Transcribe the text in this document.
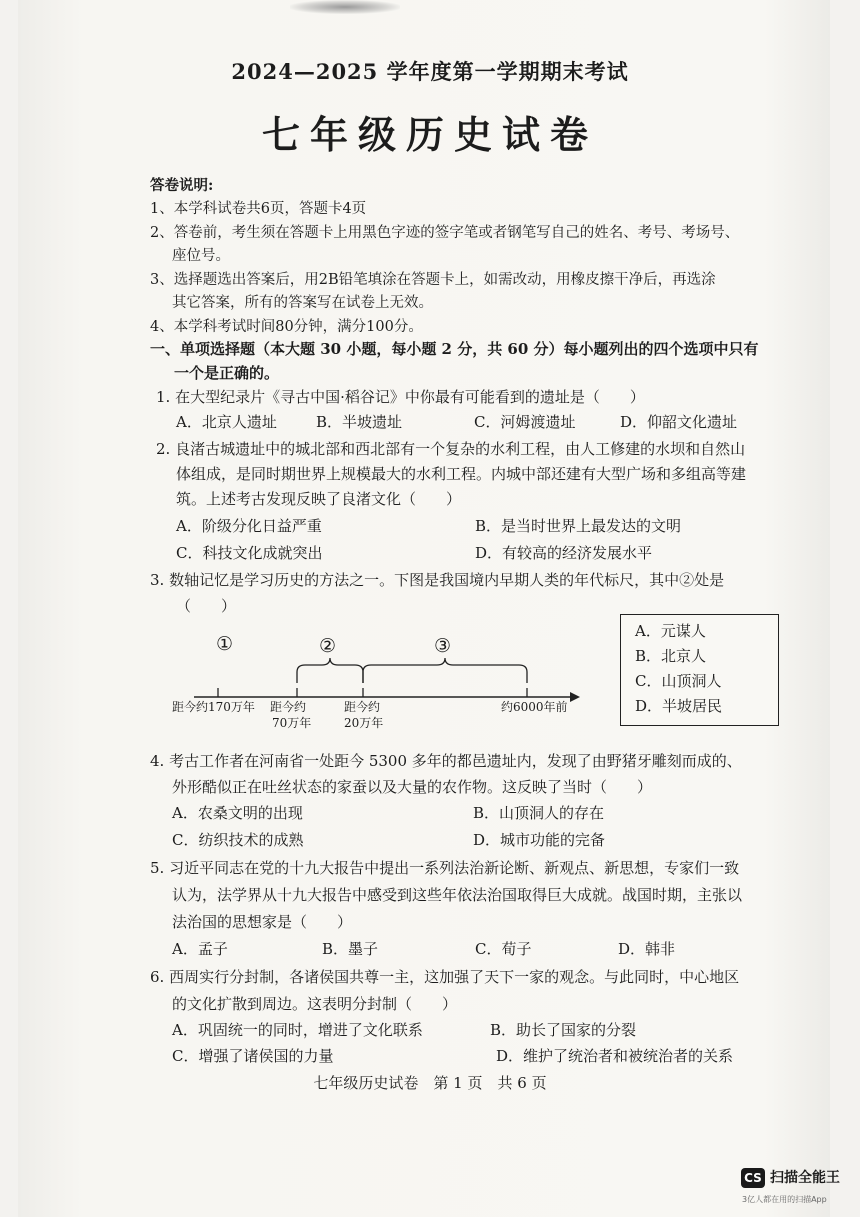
2024—2025 学年度第一学期期末考试
七年级历史试卷
答卷说明:
1、本学科试卷共6页，答题卡4页
2、答卷前，考生须在答题卡上用黑色字迹的签字笔或者钢笔写自己的姓名、考号、考场号、
座位号。
3、选择题选出答案后，用2B铅笔填涂在答题卡上，如需改动，用橡皮擦干净后，再选涂
其它答案，所有的答案写在试卷上无效。
4、本学科考试时间80分钟，满分100分。
一、单项选择题（本大题 30 小题，每小题 2 分，共 60 分）每小题列出的四个选项中只有
一个是正确的。
1. 在大型纪录片《寻古中国·稻谷记》中你最有可能看到的遗址是（　　）
A．北京人遗址	B．半坡遗址	C．河姆渡遗址	D．仰韶文化遗址
2. 良渚古城遗址中的城北部和西北部有一个复杂的水利工程，由人工修建的水坝和自然山
体组成，是同时期世界上规模最大的水利工程。内城中部还建有大型广场和多组高等建
筑。上述考古发现反映了良渚文化（　　）
A．阶级分化日益严重	B．是当时世界上最发达的文明
C．科技文化成就突出	D．有较高的经济发展水平
3. 数轴记忆是学习历史的方法之一。下图是我国境内早期人类的年代标尺，其中②处是
（　　）
①	②	③
距今约170万年 距今约
70万年
距今约
20万年
约6000年前
A．元谋人
B．北京人
C．山顶洞人
D．半坡居民
4. 考古工作者在河南省一处距今 5300 多年的都邑遗址内，发现了由野猪牙雕刻而成的、
外形酷似正在吐丝状态的家蚕以及大量的农作物。这反映了当时（　　）
A．农桑文明的出现	B．山顶洞人的存在
C．纺织技术的成熟	D．城市功能的完备
5. 习近平同志在党的十九大报告中提出一系列法治新论断、新观点、新思想，专家们一致
认为，法学界从十九大报告中感受到这些年依法治国取得巨大成就。战国时期，主张以
法治国的思想家是（　　）
A．孟子	B．墨子	C．荀子	D．韩非
6. 西周实行分封制，各诸侯国共尊一主，这加强了天下一家的观念。与此同时，中心地区
的文化扩散到周边。这表明分封制（　　）
A．巩固统一的同时，增进了文化联系	B．助长了国家的分裂
C．增强了诸侯国的力量	D．维护了统治者和被统治者的关系
七年级历史试卷　第 1 页　共 6 页
CS 扫描全能王
3亿人都在用的扫描App
